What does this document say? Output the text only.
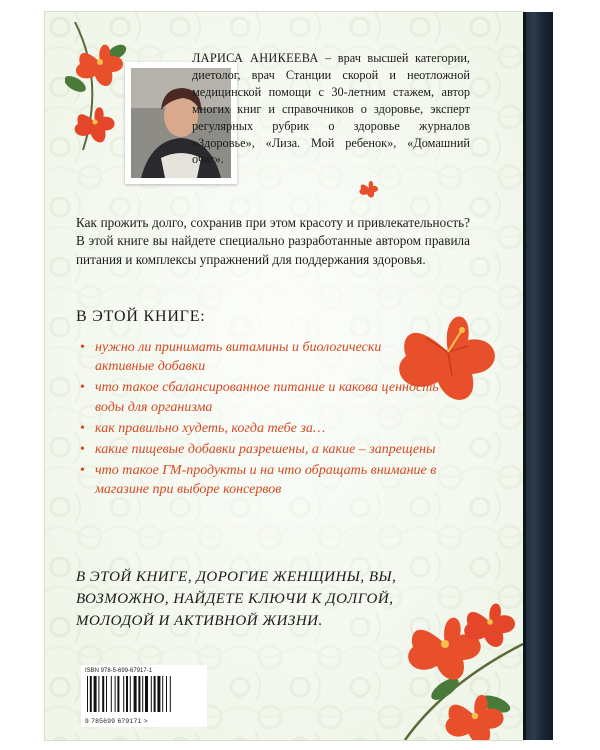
ЛАРИСА АНИКЕЕВА – врач высшей категории, диетолог, врач Станции скорой и неотложной медицинской помощи с 30-летним стажем, автор многих книг и справочников о здоровье, эксперт регулярных рубрик о здоровье журналов «Здоровье», «Лиза. Мой ребенок», «Домашний очаг».
Как прожить долго, сохранив при этом красоту и привлекательность? В этой книге вы найдете специально разработанные автором правила питания и комплексы упражнений для поддержания здоровья.
В ЭТОЙ КНИГЕ:
• нужно ли принимать витамины и биологически активные добавки
• что такое сбалансированное питание и какова ценность воды для организма
• как правильно худеть, когда тебе за…
• какие пищевые добавки разрешены, а какие – запрещены
• что такое ГМ-продукты и на что обращать внимание в магазине при выборе консервов
В ЭТОЙ КНИГЕ, ДОРОГИЕ ЖЕНЩИНЫ, ВЫ, ВОЗМОЖНО, НАЙДЕТЕ КЛЮЧИ К ДОЛГОЙ, МОЛОДОЙ И АКТИВНОЙ ЖИЗНИ.
ISBN 978-5-699-67917-1
9 785699 679171 >
